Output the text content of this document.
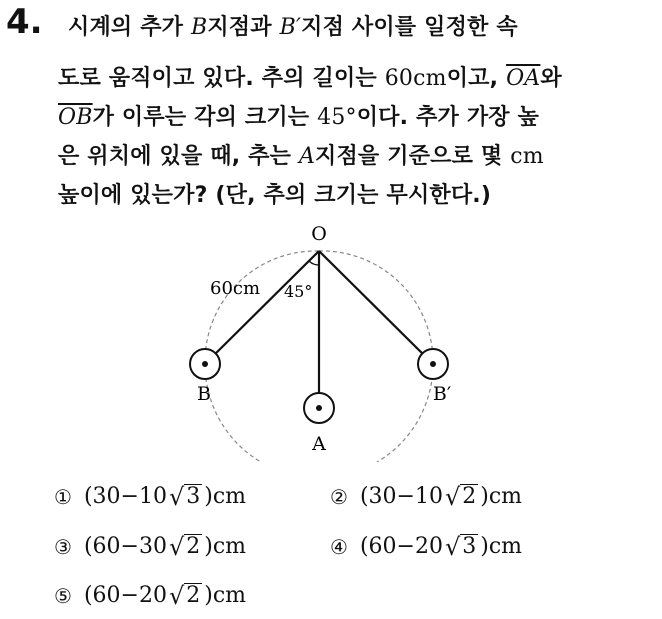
4. 시계의 추가 B지점과 B′지점 사이를 일정한 속
도로 움직이고 있다. 추의 길이는 60cm이고, $\overline{OA}$와
$\overline{OB}$가 이루는 각의 크기는 45°이다. 추가 가장 높
은 위치에 있을 때, 추는 A지점을 기준으로 몇 cm
높이에 있는가? (단, 추의 크기는 무시한다.)
O
A
B	B′
60cm 45°
① (30−10 √ 3 )cm	② (30−10 √ 2 )cm
③ (60−30 √ 2 )cm	④ (60−20 √ 3 )cm
⑤ (60−20 √ 2 )cm
